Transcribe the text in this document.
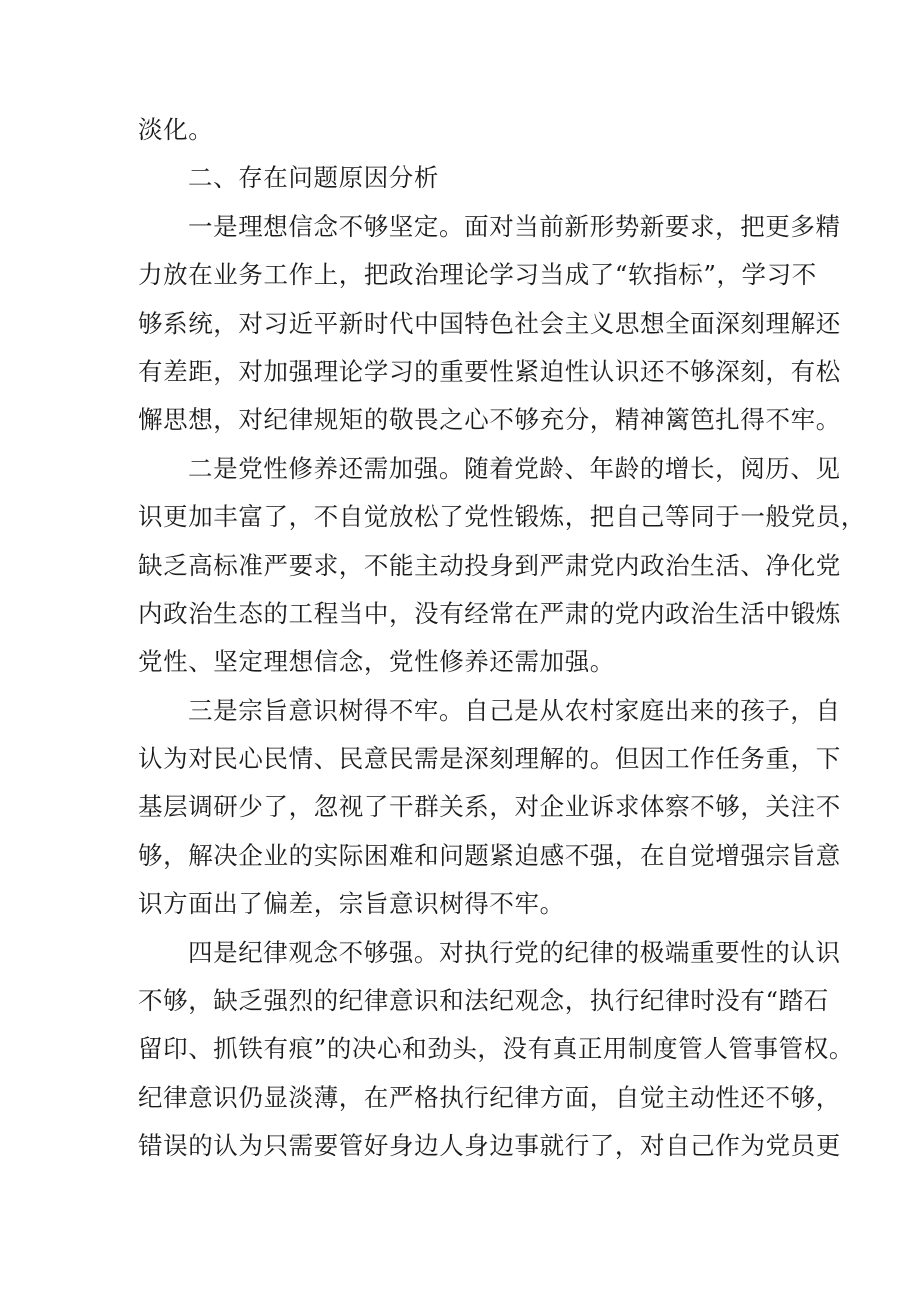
淡化。
二、存在问题原因分析
一是理想信念不够坚定。面对当前新形势新要求，把更多精
力放在业务工作上，把政治理论学习当成了“软指标”，学习不
够系统，对习近平新时代中国特色社会主义思想全面深刻理解还
有差距，对加强理论学习的重要性紧迫性认识还不够深刻，有松
懈思想，对纪律规矩的敬畏之心不够充分，精神篱笆扎得不牢。
二是党性修养还需加强。随着党龄、年龄的增长，阅历、见
识更加丰富了，不自觉放松了党性锻炼，把自己等同于一般党员，
缺乏高标准严要求，不能主动投身到严肃党内政治生活、净化党
内政治生态的工程当中，没有经常在严肃的党内政治生活中锻炼
党性、坚定理想信念，党性修养还需加强。
三是宗旨意识树得不牢。自己是从农村家庭出来的孩子，自
认为对民心民情、民意民需是深刻理解的。但因工作任务重，下
基层调研少了，忽视了干群关系，对企业诉求体察不够，关注不
够，解决企业的实际困难和问题紧迫感不强，在自觉增强宗旨意
识方面出了偏差，宗旨意识树得不牢。
四是纪律观念不够强。对执行党的纪律的极端重要性的认识
不够，缺乏强烈的纪律意识和法纪观念，执行纪律时没有“踏石
留印、抓铁有痕”的决心和劲头，没有真正用制度管人管事管权。
纪律意识仍显淡薄，在严格执行纪律方面，自觉主动性还不够，
错误的认为只需要管好身边人身边事就行了，对自己作为党员更
